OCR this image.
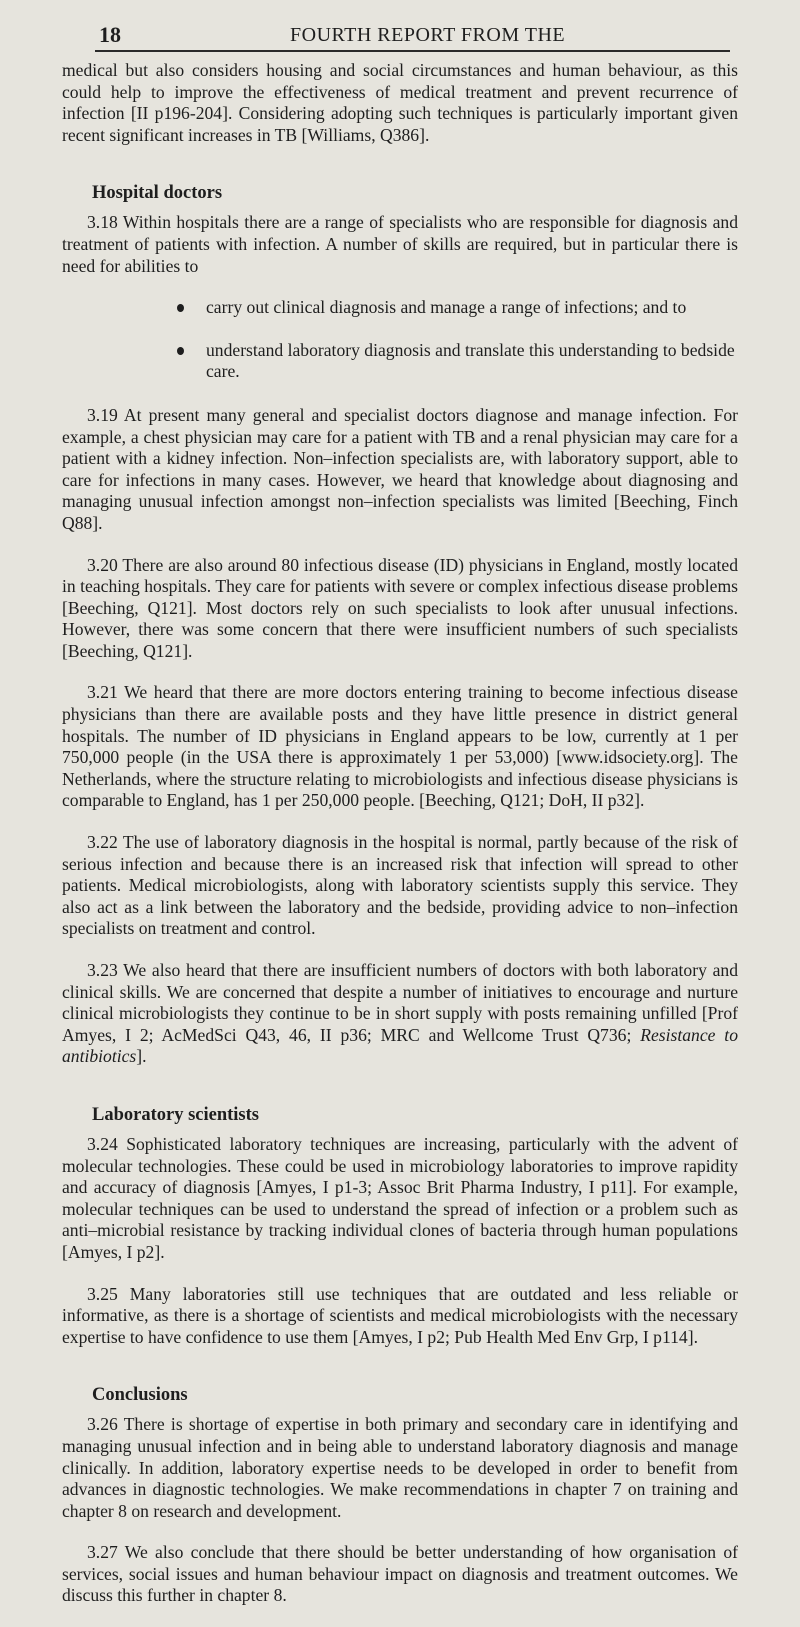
18	FOURTH REPORT FROM THE

medical but also considers housing and social circumstances and human behaviour, as this could help to improve the effectiveness of medical treatment and prevent recurrence of infection [II p196-204]. Considering adopting such techniques is particularly important given recent significant increases in TB [Williams, Q386].

Hospital doctors

3.18 Within hospitals there are a range of specialists who are responsible for diagnosis and treatment of patients with infection. A number of skills are required, but in particular there is need for abilities to

carry out clinical diagnosis and manage a range of infections; and to
understand laboratory diagnosis and translate this understanding to bedside care.

3.19 At present many general and specialist doctors diagnose and manage infection. For example, a chest physician may care for a patient with TB and a renal physician may care for a patient with a kidney infection. Non–infection specialists are, with laboratory support, able to care for infections in many cases. However, we heard that knowledge about diagnosing and managing unusual infection amongst non–infection specialists was limited [Beeching, Finch Q88].

3.20 There are also around 80 infectious disease (ID) physicians in England, mostly located in teaching hospitals. They care for patients with severe or complex infectious disease problems [Beeching, Q121]. Most doctors rely on such specialists to look after unusual infections. However, there was some concern that there were insufficient numbers of such specialists [Beeching, Q121].

3.21 We heard that there are more doctors entering training to become infectious disease physicians than there are available posts and they have little presence in district general hospitals. The number of ID physicians in England appears to be low, currently at 1 per 750,000 people (in the USA there is approximately 1 per 53,000) [www.idsociety.org]. The Netherlands, where the structure relating to microbiologists and infectious disease physicians is comparable to England, has 1 per 250,000 people. [Beeching, Q121; DoH, II p32].

3.22 The use of laboratory diagnosis in the hospital is normal, partly because of the risk of serious infection and because there is an increased risk that infection will spread to other patients. Medical microbiologists, along with laboratory scientists supply this service. They also act as a link between the laboratory and the bedside, providing advice to non–infection specialists on treatment and control.

3.23 We also heard that there are insufficient numbers of doctors with both laboratory and clinical skills. We are concerned that despite a number of initiatives to encourage and nurture clinical microbiologists they continue to be in short supply with posts remaining unfilled [Prof Amyes, I 2; AcMedSci Q43, 46, II p36; MRC and Wellcome Trust Q736; Resistance to antibiotics].

Laboratory scientists

3.24 Sophisticated laboratory techniques are increasing, particularly with the advent of molecular technologies. These could be used in microbiology laboratories to improve rapidity and accuracy of diagnosis [Amyes, I p1-3; Assoc Brit Pharma Industry, I p11]. For example, molecular techniques can be used to understand the spread of infection or a problem such as anti–microbial resistance by tracking individual clones of bacteria through human populations [Amyes, I p2].

3.25 Many laboratories still use techniques that are outdated and less reliable or informative, as there is a shortage of scientists and medical microbiologists with the necessary expertise to have confidence to use them [Amyes, I p2; Pub Health Med Env Grp, I p114].

Conclusions

3.26 There is shortage of expertise in both primary and secondary care in identifying and managing unusual infection and in being able to understand laboratory diagnosis and manage clinically. In addition, laboratory expertise needs to be developed in order to benefit from advances in diagnostic technologies. We make recommendations in chapter 7 on training and chapter 8 on research and development.

3.27 We also conclude that there should be better understanding of how organisation of services, social issues and human behaviour impact on diagnosis and treatment outcomes. We discuss this further in chapter 8.
